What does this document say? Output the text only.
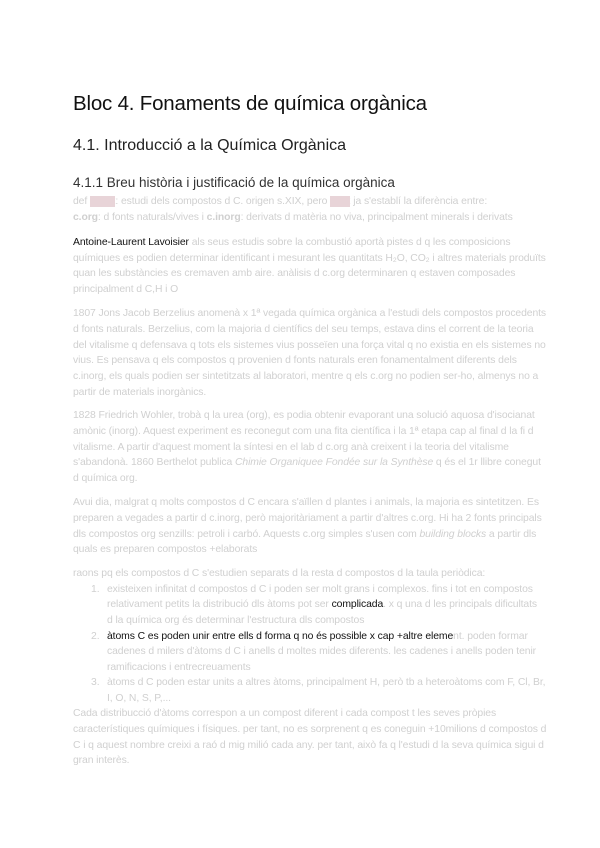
Bloc 4. Fonaments de química orgànica
4.1. Introducció a la Química Orgànica
4.1.1 Breu història i justificació de la química orgànica
def xxxxx: estudi dels compostos d C. origen s.XIX, pero xxxx ja s'establí la diferència entre:
c.org: d fonts naturals/vives i c.inorg: derivats d matèria no viva, principalment minerals i derivats
Antoine-Laurent Lavoisier als seus estudis sobre la combustió aportà pistes d q les composicions
químiques es podien determinar identificant i mesurant les quantitats H₂O, CO₂ i altres materials produïts
quan les substàncies es cremaven amb aire. anàlisis d c.org determinaren q estaven composades
principalment d C,H i O
1807 Jons Jacob Berzelius anomenà x 1ª vegada química orgànica a l'estudi dels compostos procedents
d fonts naturals. Berzelius, com la majoria d científics del seu temps, estava dins el corrent de la teoria
del vitalisme q defensava q tots els sistemes vius posseïen una força vital q no existia en els sistemes no
vius. Es pensava q els compostos q provenien d fonts naturals eren fonamentalment diferents dels
c.inorg, els quals podien ser sintetitzats al laboratori, mentre q els c.org no podien ser-ho, almenys no a
partir de materials inorgànics.
1828 Friedrich Wohler, trobà q la urea (org), es podia obtenir evaporant una solució aquosa d'isocianat
amònic (inorg). Aquest experiment es reconegut com una fita científica i la 1ª etapa cap al final d la fi d
vitalisme. A partir d'aquest moment la síntesi en el lab d c.org anà creixent i la teoria del vitalisme
s'abandonà. 1860 Berthelot publica Chimie Organiquee Fondée sur la Synthèse q és el 1r llibre conegut
d química org.
Avui dia, malgrat q molts compostos d C encara s'aïllen d plantes i animals, la majoria es sintetitzen. Es
preparen a vegades a partir d c.inorg, però majoritàriament a partir d'altres c.org. Hi ha 2 fonts principals
dls compostos org senzills: petroli i carbó. Aquests c.org simples s'usen com building blocks a partir dls
quals es preparen compostos +elaborats
raons pq els compostos d C s'estudien separats d la resta d compostos d la taula periòdica:
1. existeixen infinitat d compostos d C i poden ser molt grans i complexos. fins i tot en compostos
relativament petits la distribució dls àtoms pot ser complicada. x q una d les principals dificultats
d la química org és determinar l'estructura dls compostos
2. àtoms C es poden unir entre ells d forma q no és possible x cap +altre element. poden formar
cadenes d milers d'àtoms d C i anells d moltes mides diferents. les cadenes i anells poden tenir
ramificacions i entrecreuaments
3. àtoms d C poden estar units a altres àtoms, principalment H, però tb a heteroàtoms com F, Cl, Br,
I, O, N, S, P,...
Cada distribucció d'àtoms correspon a un compost diferent i cada compost t les seves pròpies
característiques químiques i físiques. per tant, no es sorprenent q es coneguin +10milions d compostos d
C i q aquest nombre creixi a raó d mig milió cada any. per tant, això fa q l'estudi d la seva química sigui d
gran interès.
